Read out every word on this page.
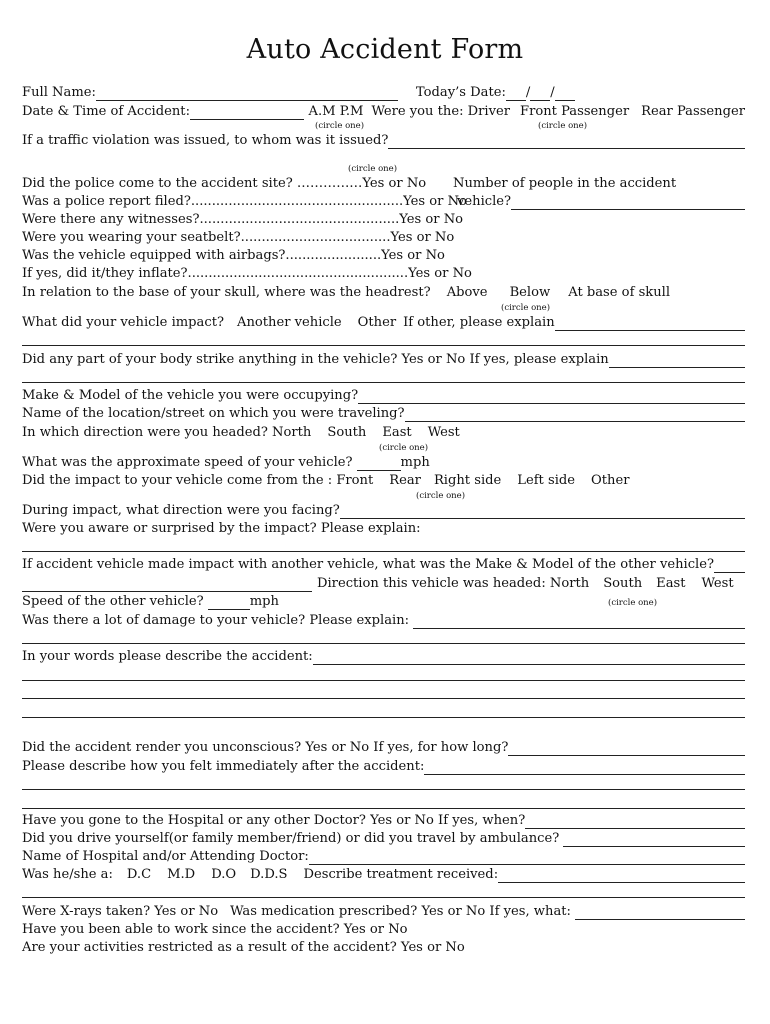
Auto Accident Form
Full Name:	Today’s Date: / /
Date & Time of Accident:	A.M P.M Were you the: Driver Front Passenger Rear Passenger
(circle one)	(circle one)
If a traffic violation was issued, to whom was it issued?
(circle one)
Did the police come to the accident site? ……………Yes or No Number of people in the accident
Was a police report filed?...................................................Yes or No
vehicle?
Were there any witnesses?................................................Yes or No
Were you wearing your seatbelt?....................................Yes or No
Was the vehicle equipped with airbags?.......................Yes or No
If yes, did it/they inflate?.....................................................Yes or No
In relation to the base of your skull, where was the headrest? Above Below At base of skull
(circle one)
What did your vehicle impact? Another vehicle Other If other, please explain
Did any part of your body strike anything in the vehicle? Yes or No If yes, please explain
Make & Model of the vehicle you were occupying?
Name of the location/street on which you were traveling?
In which direction were you headed? North South East West
(circle one)
What was the approximate speed of your vehicle?	mph
Did the impact to your vehicle come from the : Front Rear Right side Left side Other
(circle one)
During impact, what direction were you facing?
Were you aware or surprised by the impact? Please explain:
If accident vehicle made impact with another vehicle, what was the Make & Model of the other vehicle?
Direction this vehicle was headed: North South East West
Speed of the other vehicle?	mph	(circle one)
Was there a lot of damage to your vehicle? Please explain:
In your words please describe the accident:
Did the accident render you unconscious? Yes or No If yes, for how long?
Please describe how you felt immediately after the accident:
Have you gone to the Hospital or any other Doctor? Yes or No If yes, when?
Did you drive yourself(or family member/friend) or did you travel by ambulance?
Name of Hospital and/or Attending Doctor:
Was he/she a: D.C M.D D.O D.D.S Describe treatment received:
Were X-rays taken? Yes or No Was medication prescribed? Yes or No If yes, what:
Have you been able to work since the accident? Yes or No
Are your activities restricted as a result of the accident? Yes or No
